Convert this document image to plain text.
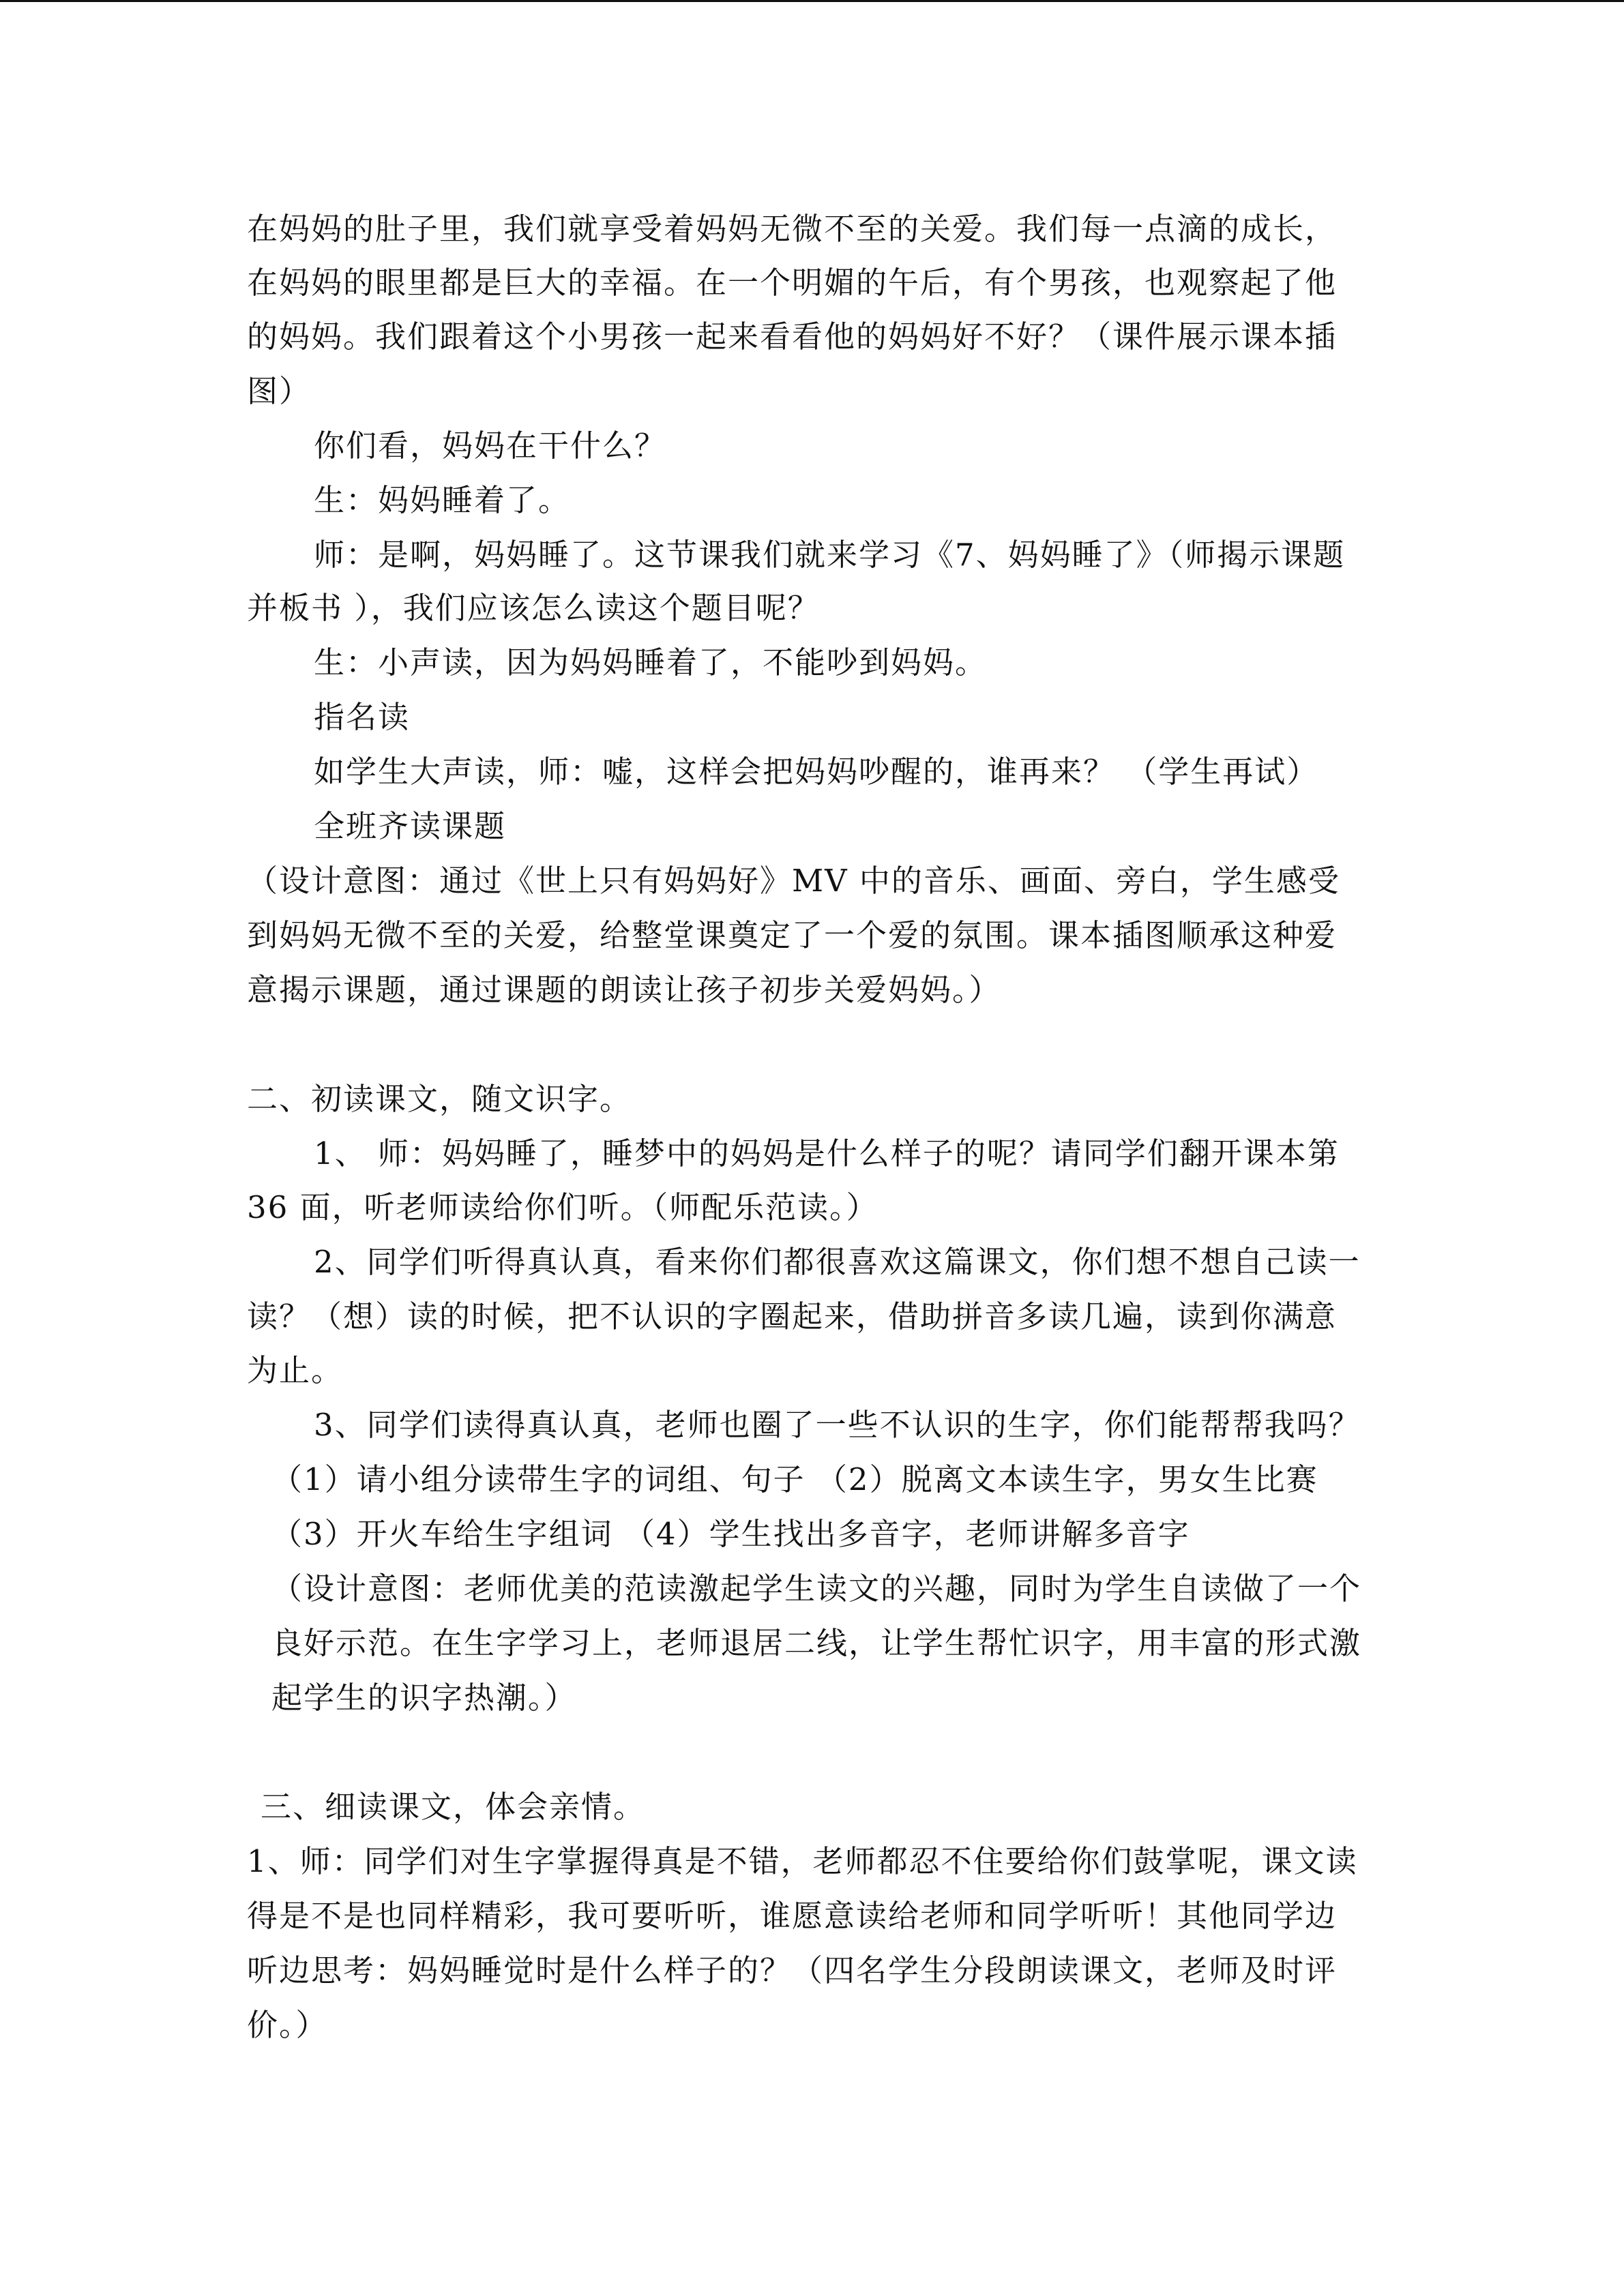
在妈妈的肚子里，我们就享受着妈妈无微不至的关爱。我们每一点滴的成长，
在妈妈的眼里都是巨大的幸福。在一个明媚的午后，有个男孩，也观察起了他
的妈妈。我们跟着这个小男孩一起来看看他的妈妈好不好？（课件展示课本插
图）
你们看，妈妈在干什么？
生：妈妈睡着了。
师：是啊，妈妈睡了。这节课我们就来学习《7、妈妈睡了》（师揭示课题
并板书 ），我们应该怎么读这个题目呢？
生：小声读，因为妈妈睡着了，不能吵到妈妈。
指名读
如学生大声读，师：嘘，这样会把妈妈吵醒的，谁再来？ （学生再试）
全班齐读课题
（设计意图：通过《世上只有妈妈好》MV 中的音乐、画面、旁白，学生感受
到妈妈无微不至的关爱，给整堂课奠定了一个爱的氛围。课本插图顺承这种爱
意揭示课题，通过课题的朗读让孩子初步关爱妈妈。）
二、初读课文，随文识字。
1、 师：妈妈睡了，睡梦中的妈妈是什么样子的呢？请同学们翻开课本第
36 面，听老师读给你们听。（师配乐范读。）
2、同学们听得真认真，看来你们都很喜欢这篇课文，你们想不想自己读一
读？（想）读的时候，把不认识的字圈起来，借助拼音多读几遍，读到你满意
为止。
3、同学们读得真认真，老师也圈了一些不认识的生字，你们能帮帮我吗？
（1）请小组分读带生字的词组、句子 （2）脱离文本读生字，男女生比赛
（3）开火车给生字组词 （4）学生找出多音字，老师讲解多音字
（设计意图：老师优美的范读激起学生读文的兴趣，同时为学生自读做了一个
良好示范。在生字学习上，老师退居二线，让学生帮忙识字，用丰富的形式激
起学生的识字热潮。）
三、细读课文，体会亲情。
1、师：同学们对生字掌握得真是不错，老师都忍不住要给你们鼓掌呢，课文读
得是不是也同样精彩，我可要听听，谁愿意读给老师和同学听听！其他同学边
听边思考：妈妈睡觉时是什么样子的？（四名学生分段朗读课文，老师及时评
价。）
